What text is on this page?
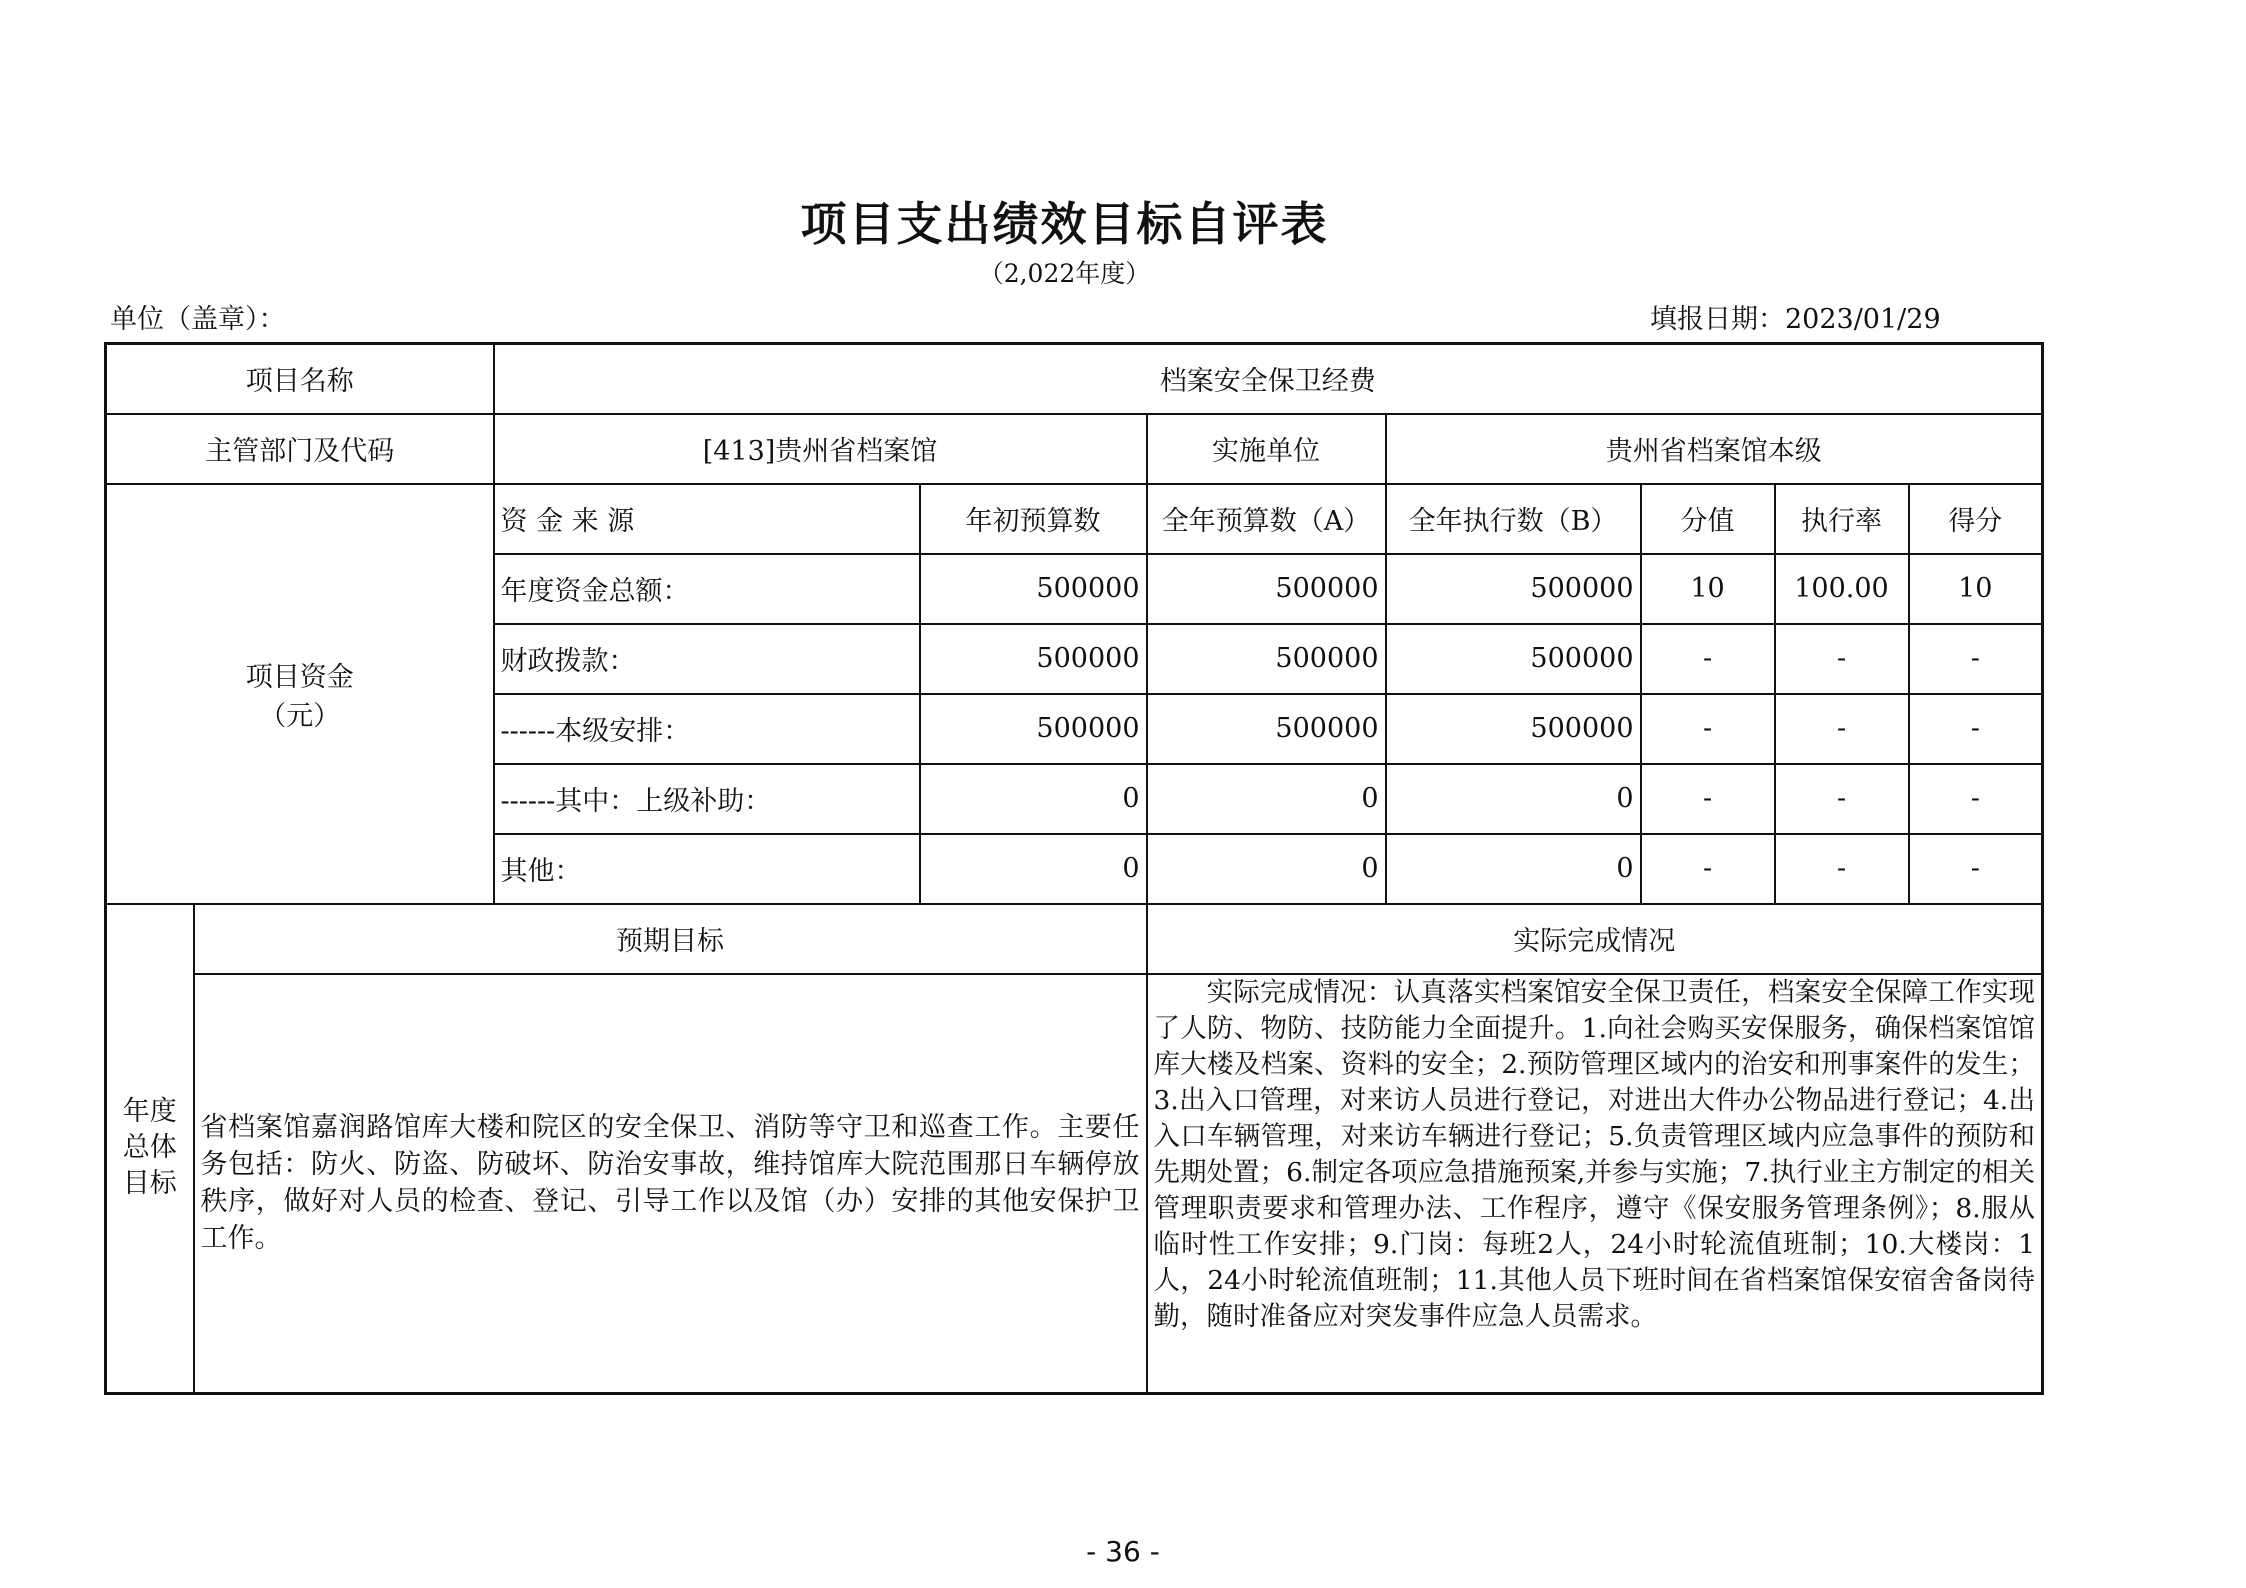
项目支出绩效目标自评表
（2,022年度）
单位（盖章）：	填报日期：2023/01/29
项目名称		档案安全保卫经费						
主管部门及代码		[413]贵州省档案馆		实施单位	贵州省档案馆本级			

项目资金
（元）		资 金 来 源	年初预算数	全年预算数（A）	全年执行数（B）	分值	执行率	得分
		年度资金总额：	500000	500000	500000	10	100.00	10
		财政拨款：	500000	500000	500000	-	-	-
		------本级安排：	500000	500000	500000	-	-	-
		------其中：上级补助：	0	0	0	-	-	-
		其他：	0	0	0	-	-	-
年度总体目标	预期目标			实际完成情况				
	省档案馆嘉润路馆库大楼和院区的安全保卫、消防等守卫和巡查工作。主要任务包括：防火、防盗、防破坏、防治安事故，维持馆库大院范围那日车辆停放秩序，做好对人员的检查、登记、引导工作以及馆（办）安排的其他安保护卫工作。			实际完成情况：认真落实档案馆安全保卫责任，档案安全保障工作实现了人防、物防、技防能力全面提升。1.向社会购买安保服务，确保档案馆馆库大楼及档案、资料的安全；2.预防管理区域内的治安和刑事案件的发生；3.出入口管理，对来访人员进行登记，对进出大件办公物品进行登记；4.出入口车辆管理，对来访车辆进行登记；5.负责管理区域内应急事件的预防和先期处置；6.制定各项应急措施预案,并参与实施；7.执行业主方制定的相关管理职责要求和管理办法、工作程序，遵守《保安服务管理条例》；8.服从临时性工作安排；9.门岗：每班2人，24小时轮流值班制；10.大楼岗：1人，24小时轮流值班制；11.其他人员下班时间在省档案馆保安宿舍备岗待勤，随时准备应对突发事件应急人员需求。				
- 36 -
